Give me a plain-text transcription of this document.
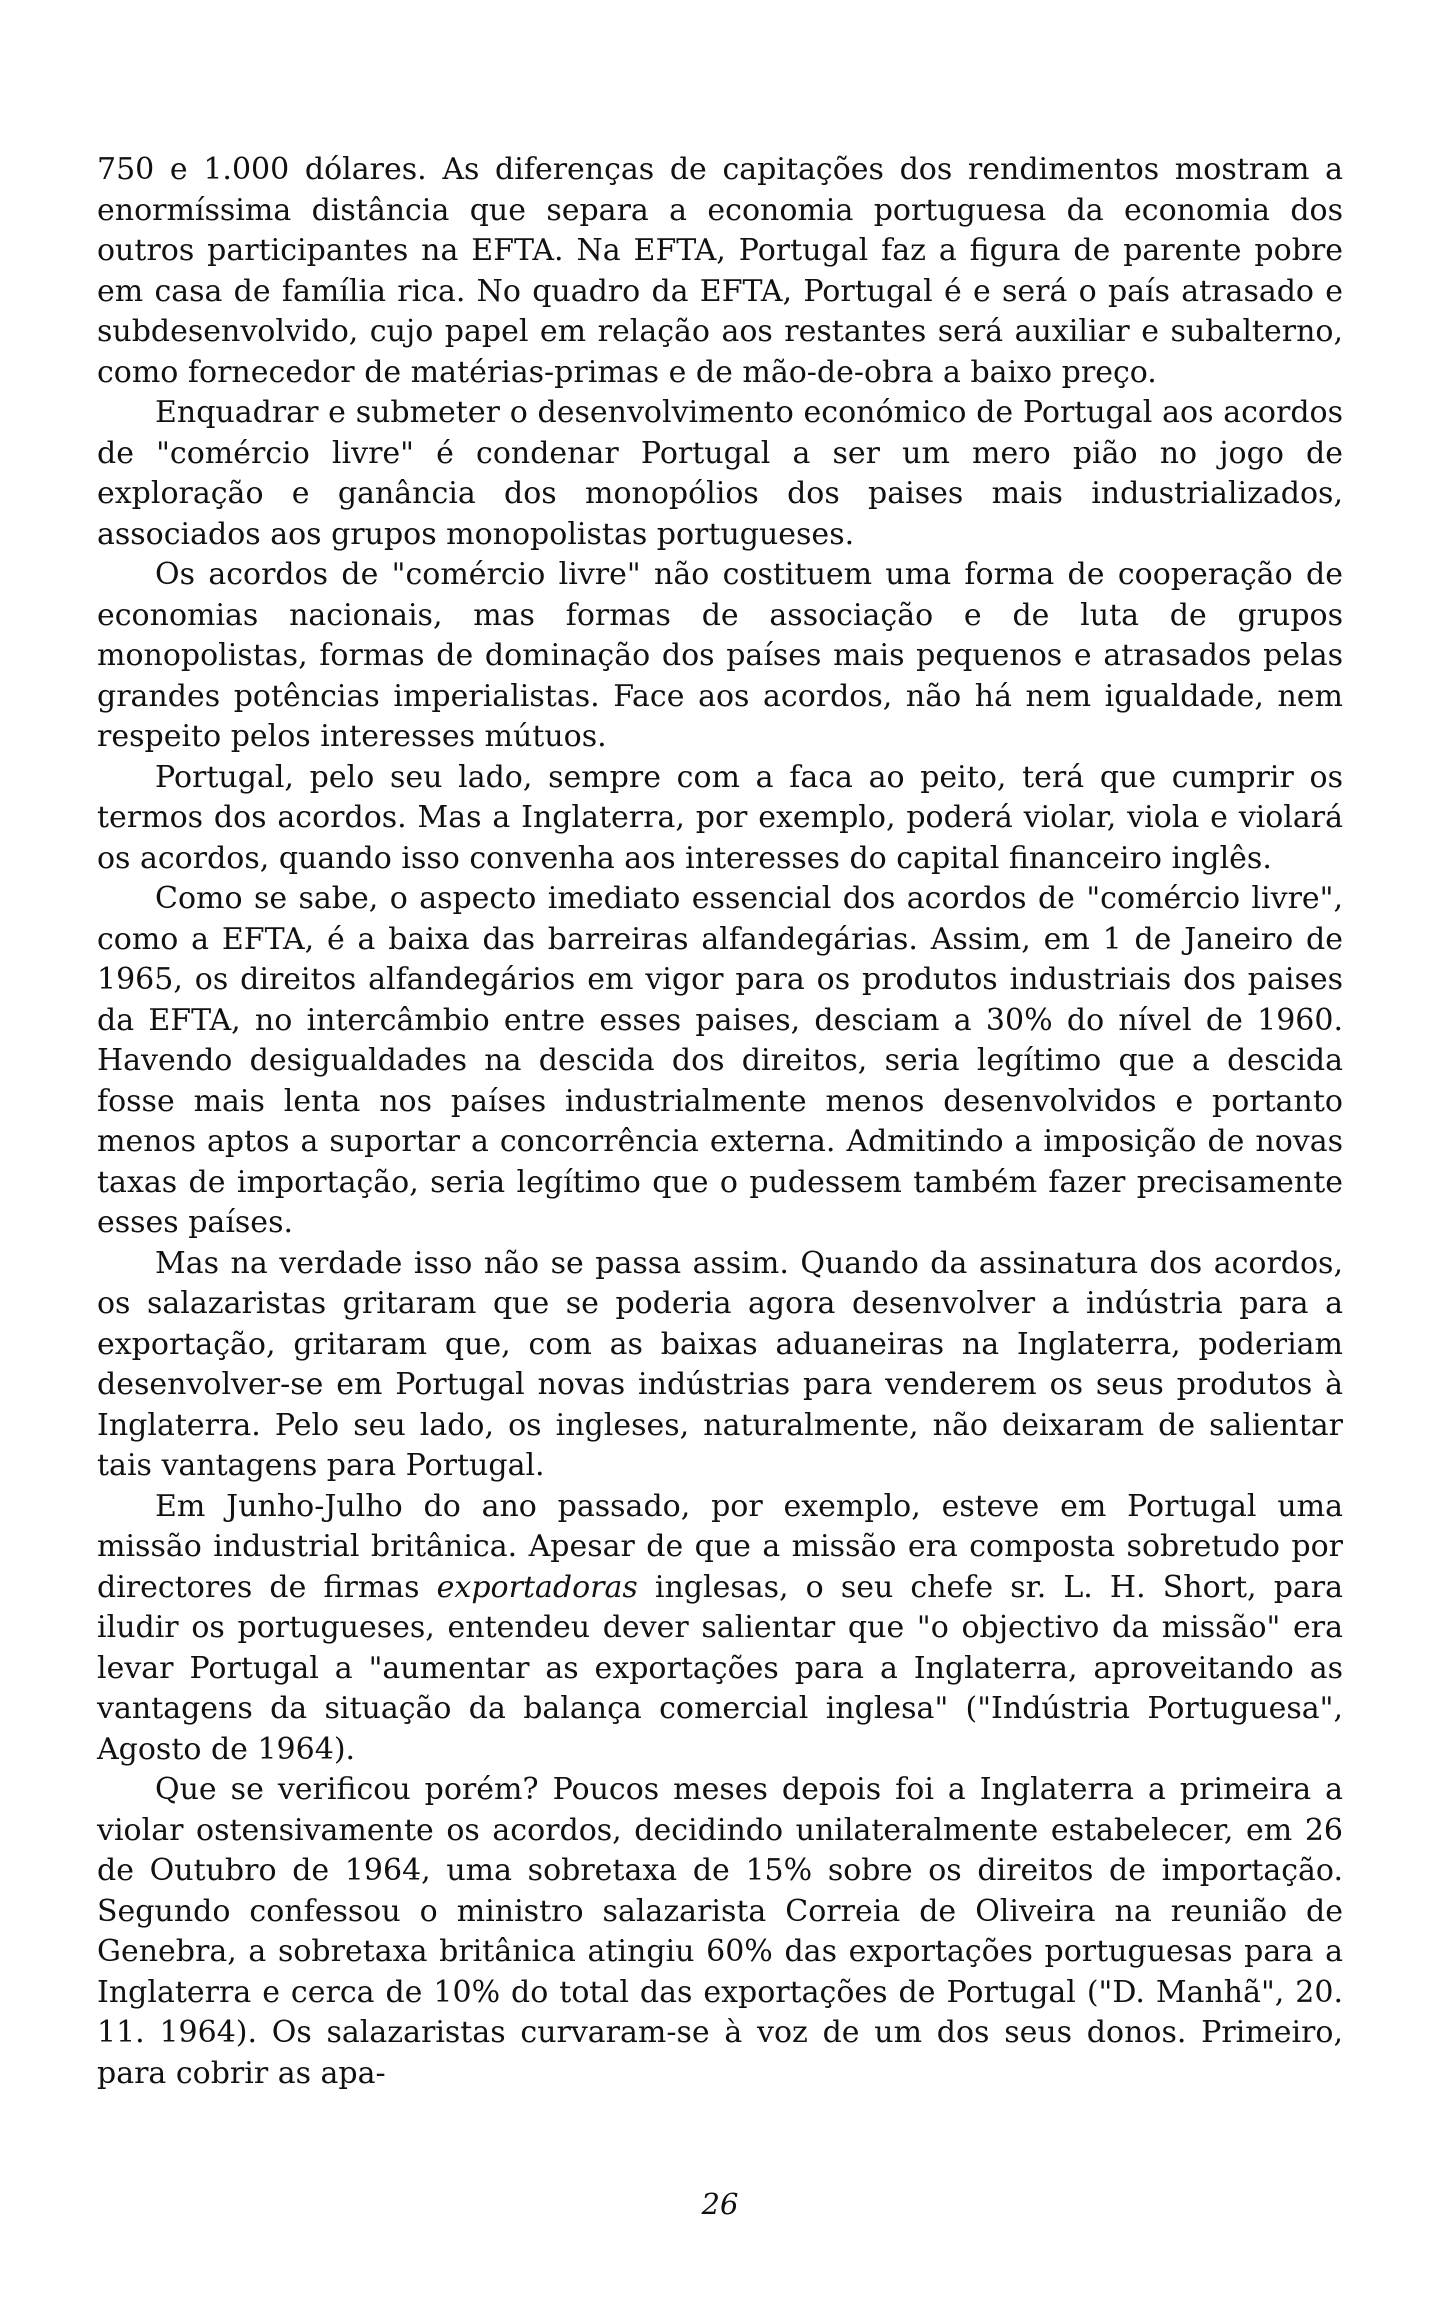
750 e 1.000 dólares. As diferenças de capitações dos rendimentos mostram a enormíssima distância que separa a economia portuguesa da economia dos outros participantes na EFTA. Na EFTA, Portugal faz a figura de parente pobre em casa de família rica. No quadro da EFTA, Portugal é e será o país atrasado e subdesenvolvido, cujo papel em relação aos restantes será auxiliar e subalterno, como fornecedor de matérias-primas e de mão-de-obra a baixo preço.

Enquadrar e submeter o desenvolvimento económico de Portugal aos acordos de "comércio livre" é condenar Portugal a ser um mero pião no jogo de exploração e ganância dos monopólios dos paises mais industrializados, associados aos grupos monopolistas portugueses.

Os acordos de "comércio livre" não costituem uma forma de cooperação de economias nacionais, mas formas de associação e de luta de grupos monopolistas, formas de dominação dos países mais pequenos e atrasados pelas grandes potências imperialistas. Face aos acordos, não há nem igualdade, nem respeito pelos interesses mútuos.

Portugal, pelo seu lado, sempre com a faca ao peito, terá que cumprir os termos dos acordos. Mas a Inglaterra, por exemplo, poderá violar, viola e violará os acordos, quando isso convenha aos interesses do capital financeiro inglês.

Como se sabe, o aspecto imediato essencial dos acordos de "comércio livre", como a EFTA, é a baixa das barreiras alfandegárias. Assim, em 1 de Janeiro de 1965, os direitos alfandegários em vigor para os produtos industriais dos paises da EFTA, no intercâmbio entre esses paises, desciam a 30% do nível de 1960. Havendo desigualdades na descida dos direitos, seria legítimo que a descida fosse mais lenta nos países industrialmente menos desenvolvidos e portanto menos aptos a suportar a concorrência externa. Admitindo a imposição de novas taxas de importação, seria legítimo que o pudessem também fazer precisamente esses países.

Mas na verdade isso não se passa assim. Quando da assinatura dos acordos, os salazaristas gritaram que se poderia agora desenvolver a indústria para a exportação, gritaram que, com as baixas aduaneiras na Inglaterra, poderiam desenvolver-se em Portugal novas indústrias para venderem os seus produtos à Inglaterra. Pelo seu lado, os ingleses, naturalmente, não deixaram de salientar tais vantagens para Portugal.

Em Junho-Julho do ano passado, por exemplo, esteve em Portugal uma missão industrial britânica. Apesar de que a missão era composta sobretudo por directores de firmas exportadoras inglesas, o seu chefe sr. L. H. Short, para iludir os portugueses, entendeu dever salientar que "o objectivo da missão" era levar Portugal a "aumentar as exportações para a Inglaterra, aproveitando as vantagens da situação da balança comercial inglesa" ("Indústria Portuguesa", Agosto de 1964).

Que se verificou porém? Poucos meses depois foi a Inglaterra a primeira a violar ostensivamente os acordos, decidindo unilateralmente estabelecer, em 26 de Outubro de 1964, uma sobretaxa de 15% sobre os direitos de importação. Segundo confessou o ministro salazarista Correia de Oliveira na reunião de Genebra, a sobretaxa britânica atingiu 60% das exportações portuguesas para a Inglaterra e cerca de 10% do total das exportações de Portugal ("D. Manhã", 20. 11. 1964). Os salazaristas curvaram-se à voz de um dos seus donos. Primeiro, para cobrir as apa-

26
